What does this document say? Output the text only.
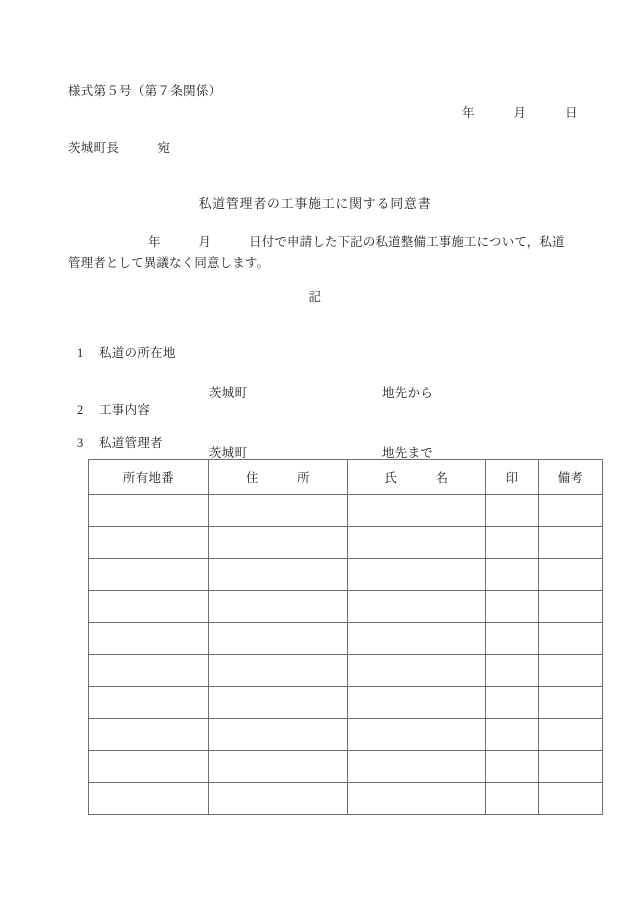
様式第５号（第７条関係）
年　　　月　　　日
茨城町長　　　宛
私道管理者の工事施工に関する同意書
年　　　月　　　日付で申請した下記の私道整備工事施工について，私道管理者として異議なく同意します。
記

1

私道の所在地

茨城町

茨城町

地先から

地先まで

2

工事内容

3

私道管理者

所有地番	住　　　所	氏　　　名	印	備考
